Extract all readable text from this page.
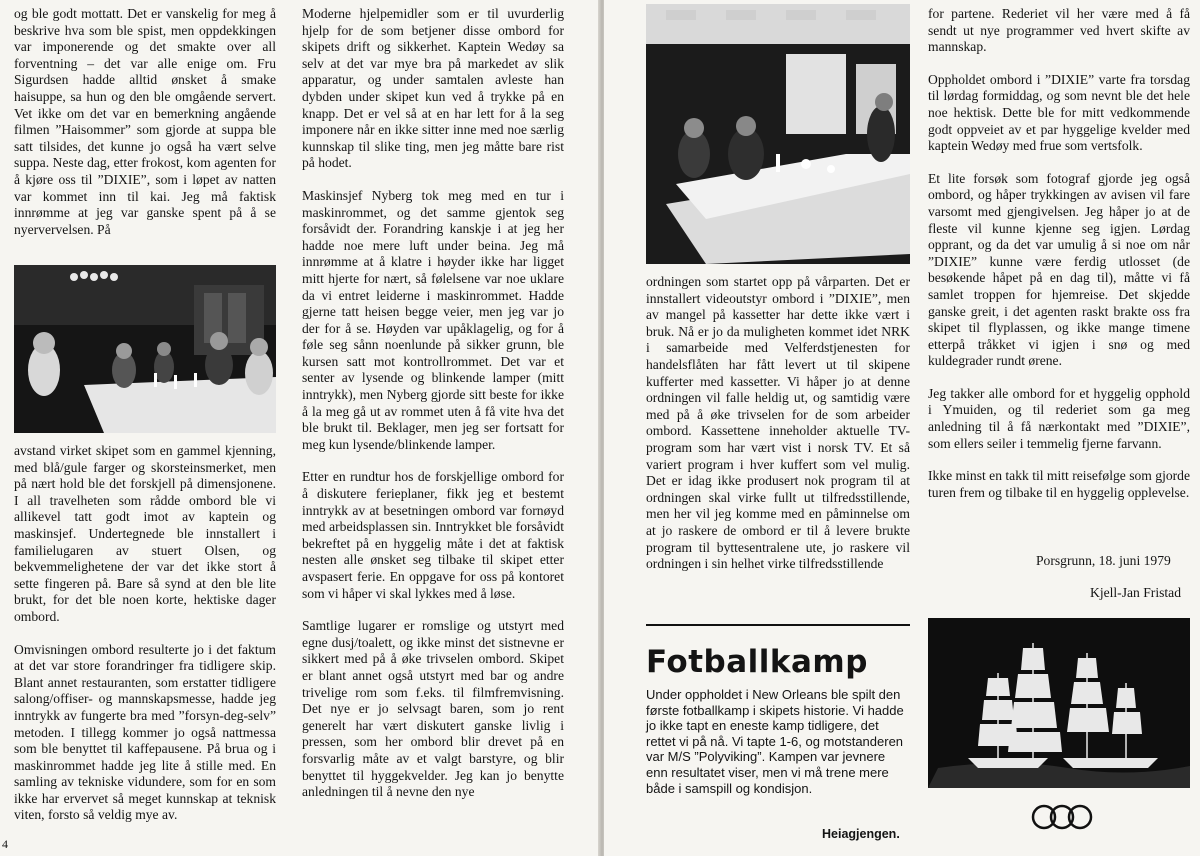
og ble godt mottatt. Det er vanskelig for meg å beskrive hva som ble spist, men oppdekkingen var imponerende og det smakte over all forventning – det var alle enige om. Fru Sigurdsen hadde alltid ønsket å smake haisuppe, sa hun og den ble omgående servert. Vet ikke om det var en bemerkning angående filmen ”Haisommer” som gjorde at suppa ble satt tilsides, det kunne jo også ha vært selve suppa. Neste dag, etter frokost, kom agenten for å kjøre oss til ”DIXIE”, som i løpet av natten var kommet inn til kai. Jeg må faktisk innrømme at jeg var ganske spent på å se nyervervelsen. På

avstand virket skipet som en gammel kjenning, med blå/gule farger og skorsteinsmerket, men på nært hold ble det forskjell på dimensjonene. I all travelheten som rådde ombord ble vi allikevel tatt godt imot av kaptein og maskinsjef. Undertegnede ble innstallert i familielugaren av stuert Olsen, og bekvemmelighetene der var det ikke stort å sette fingeren på. Bare så synd at den ble lite brukt, for det ble noen korte, hektiske dager ombord.

Omvisningen ombord resulterte jo i det faktum at det var store forandringer fra tidligere skip. Blant annet restauranten, som erstatter tidligere salong/offiser- og mannskapsmesse, hadde jeg inntrykk av fungerte bra med ”forsyn-deg-selv” metoden. I tillegg kommer jo også nattmessa som ble benyttet til kaffepausene. På brua og i maskinrommet hadde jeg lite å stille med. En samling av tekniske vidundere, som for en som ikke har ervervet så meget kunnskap at teknisk viten, forsto så veldig mye av.

Moderne hjelpemidler som er til uvurderlig hjelp for de som betjener disse ombord for skipets drift og sikkerhet. Kaptein Wedøy sa selv at det var mye bra på markedet av slik apparatur, og under samtalen avleste han dybden under skipet kun ved å trykke på en knapp. Det er vel så at en har lett for å la seg imponere når en ikke sitter inne med noe særlig kunnskap til slike ting, men jeg måtte bare rist på hodet.

Maskinsjef Nyberg tok meg med en tur i maskinrommet, og det samme gjentok seg forsåvidt der. Forandring kanskje i at jeg her hadde noe mere luft under beina. Jeg må innrømme at å klatre i høyder ikke har ligget mitt hjerte for nært, så følelsene var noe uklare da vi entret leiderne i maskinrommet. Hadde gjerne tatt heisen begge veier, men jeg var jo der for å se. Høyden var upåklagelig, og for å føle seg sånn noenlunde på sikker grunn, ble kursen satt mot kontrollrommet. Det var et senter av lysende og blinkende lamper (mitt inntrykk), men Nyberg gjorde sitt beste for ikke å la meg gå ut av rommet uten å få vite hva det ble brukt til. Beklager, men jeg ser fortsatt for meg kun lysende/blinkende lamper.

Etter en rundtur hos de forskjellige ombord for å diskutere ferieplaner, fikk jeg et bestemt inntrykk av at besetningen ombord var fornøyd med arbeidsplassen sin. Inntrykket ble forsåvidt bekreftet på en hyggelig måte i det at faktisk nesten alle ønsket seg tilbake til skipet etter avspasert ferie. En oppgave for oss på kontoret som vi håper vi skal lykkes med å løse.

Samtlige lugarer er romslige og utstyrt med egne dusj/toalett, og ikke minst det sistnevne er sikkert med på å øke trivselen ombord. Skipet er blant annet også utstyrt med bar og andre trivelige rom som f.eks. til filmfremvisning. Det nye er jo selvsagt baren, som jo rent generelt har vært diskutert ganske livlig i pressen, som her ombord blir drevet på en forsvarlig måte av et valgt barstyre, og blir benyttet til hyggekvelder. Jeg kan jo benytte anledningen til å nevne den nye

4

ordningen som startet opp på vårparten. Det er innstallert videoutstyr ombord i ”DIXIE”, men av mangel på kassetter har dette ikke vært i bruk. Nå er jo da muligheten kommet idet NRK i samarbeide med Velferdstjenesten for handelsflåten har fått levert ut til skipene kufferter med kassetter. Vi håper jo at denne ordningen vil falle heldig ut, og samtidig være med på å øke trivselen for de som arbeider ombord. Kassettene inneholder aktuelle TV-program som har vært vist i norsk TV. Et så variert program i hver kuffert som vel mulig. Det er idag ikke produsert nok program til at ordningen skal virke fullt ut tilfredsstillende, men her vil jeg komme med en påminnelse om at jo raskere de ombord er til å levere brukte program til byttesentralene ute, jo raskere vil ordningen i sin helhet virke tilfredsstillende

Fotballkamp

Under oppholdet i New Orleans ble spilt den første fotballkamp i skipets historie. Vi hadde jo ikke tapt en eneste kamp tidligere, det rettet vi på nå. Vi tapte 1-6, og motstanderen var M/S ”Polyviking”. Kampen var jevnere enn resultatet viser, men vi må trene mere både i samspill og kondisjon.

Heiagjengen.

for partene. Rederiet vil her være med å få sendt ut nye programmer ved hvert skifte av mannskap.

Oppholdet ombord i ”DIXIE” varte fra torsdag til lørdag formiddag, og som nevnt ble det hele noe hektisk. Dette ble for mitt vedkommende godt oppveiet av et par hyggelige kvelder med kaptein Wedøy med frue som vertsfolk.

Et lite forsøk som fotograf gjorde jeg også ombord, og håper trykkingen av avisen vil fare varsomt med gjengivelsen. Jeg håper jo at de fleste vil kunne kjenne seg igjen. Lørdag opprant, og da det var umulig å si noe om når ”DIXIE” kunne være ferdig utlosset (de besøkende håpet på en dag til), måtte vi få samlet troppen for hjemreise. Det skjedde ganske greit, i det agenten raskt brakte oss fra skipet til flyplassen, og ikke mange timene etterpå tråkket vi igjen i snø og med kuldegrader rundt ørene.

Jeg takker alle ombord for et hyggelig opphold i Ymuiden, og til rederiet som ga meg anledning til å få nærkontakt med ”DIXIE”, som ellers seiler i temmelig fjerne farvann.

Ikke minst en takk til mitt reisefølge som gjorde turen frem og tilbake til en hyggelig opplevelse.

Porsgrunn, 18. juni 1979
Kjell-Jan Fristad
